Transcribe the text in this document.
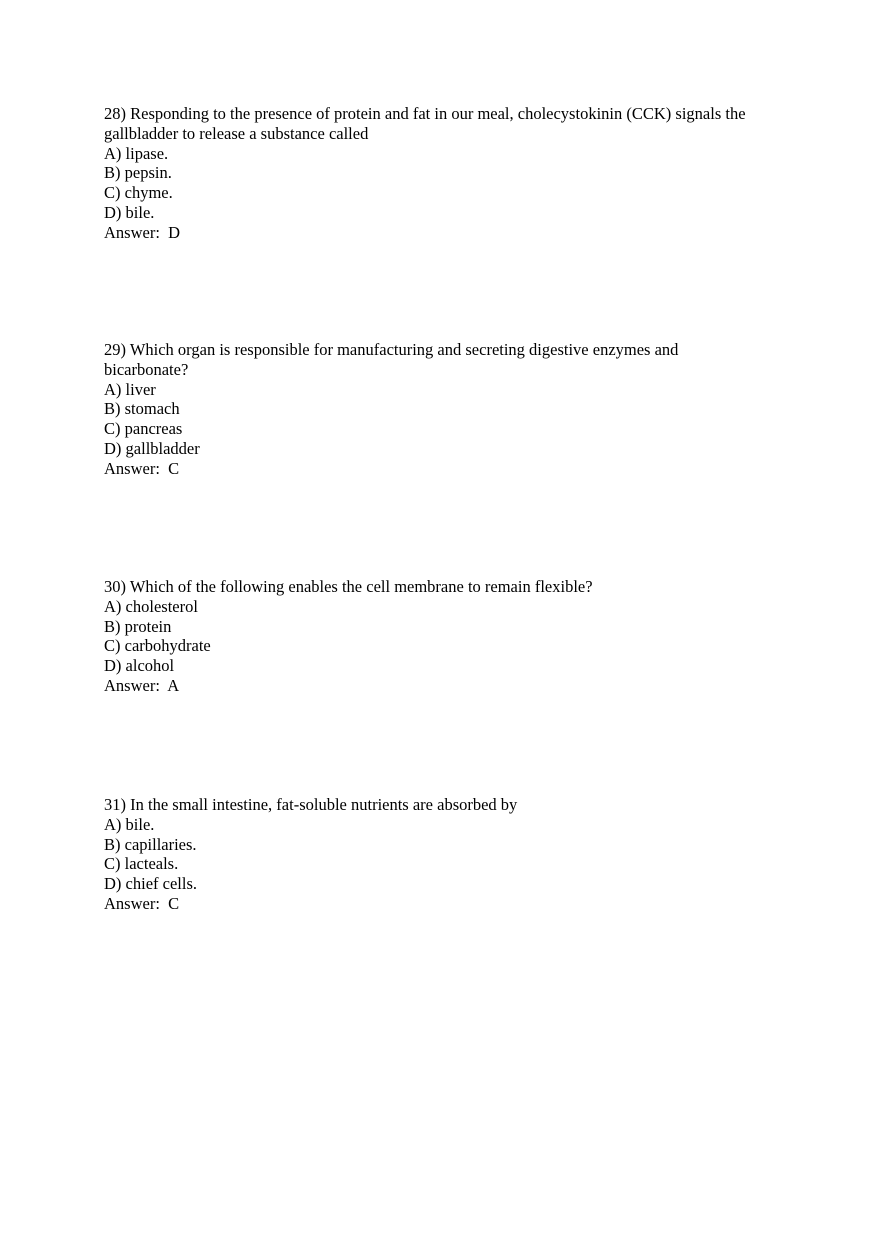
28) Responding to the presence of protein and fat in our meal, cholecystokinin (CCK) signals the gallbladder to release a substance called
A) lipase.
B) pepsin.
C) chyme.
D) bile.
Answer:  D
29) Which organ is responsible for manufacturing and secreting digestive enzymes and bicarbonate?
A) liver
B) stomach
C) pancreas
D) gallbladder
Answer:  C
30) Which of the following enables the cell membrane to remain flexible?
A) cholesterol
B) protein
C) carbohydrate
D) alcohol
Answer:  A
31) In the small intestine, fat-soluble nutrients are absorbed by
A) bile.
B) capillaries.
C) lacteals.
D) chief cells.
Answer:  C
